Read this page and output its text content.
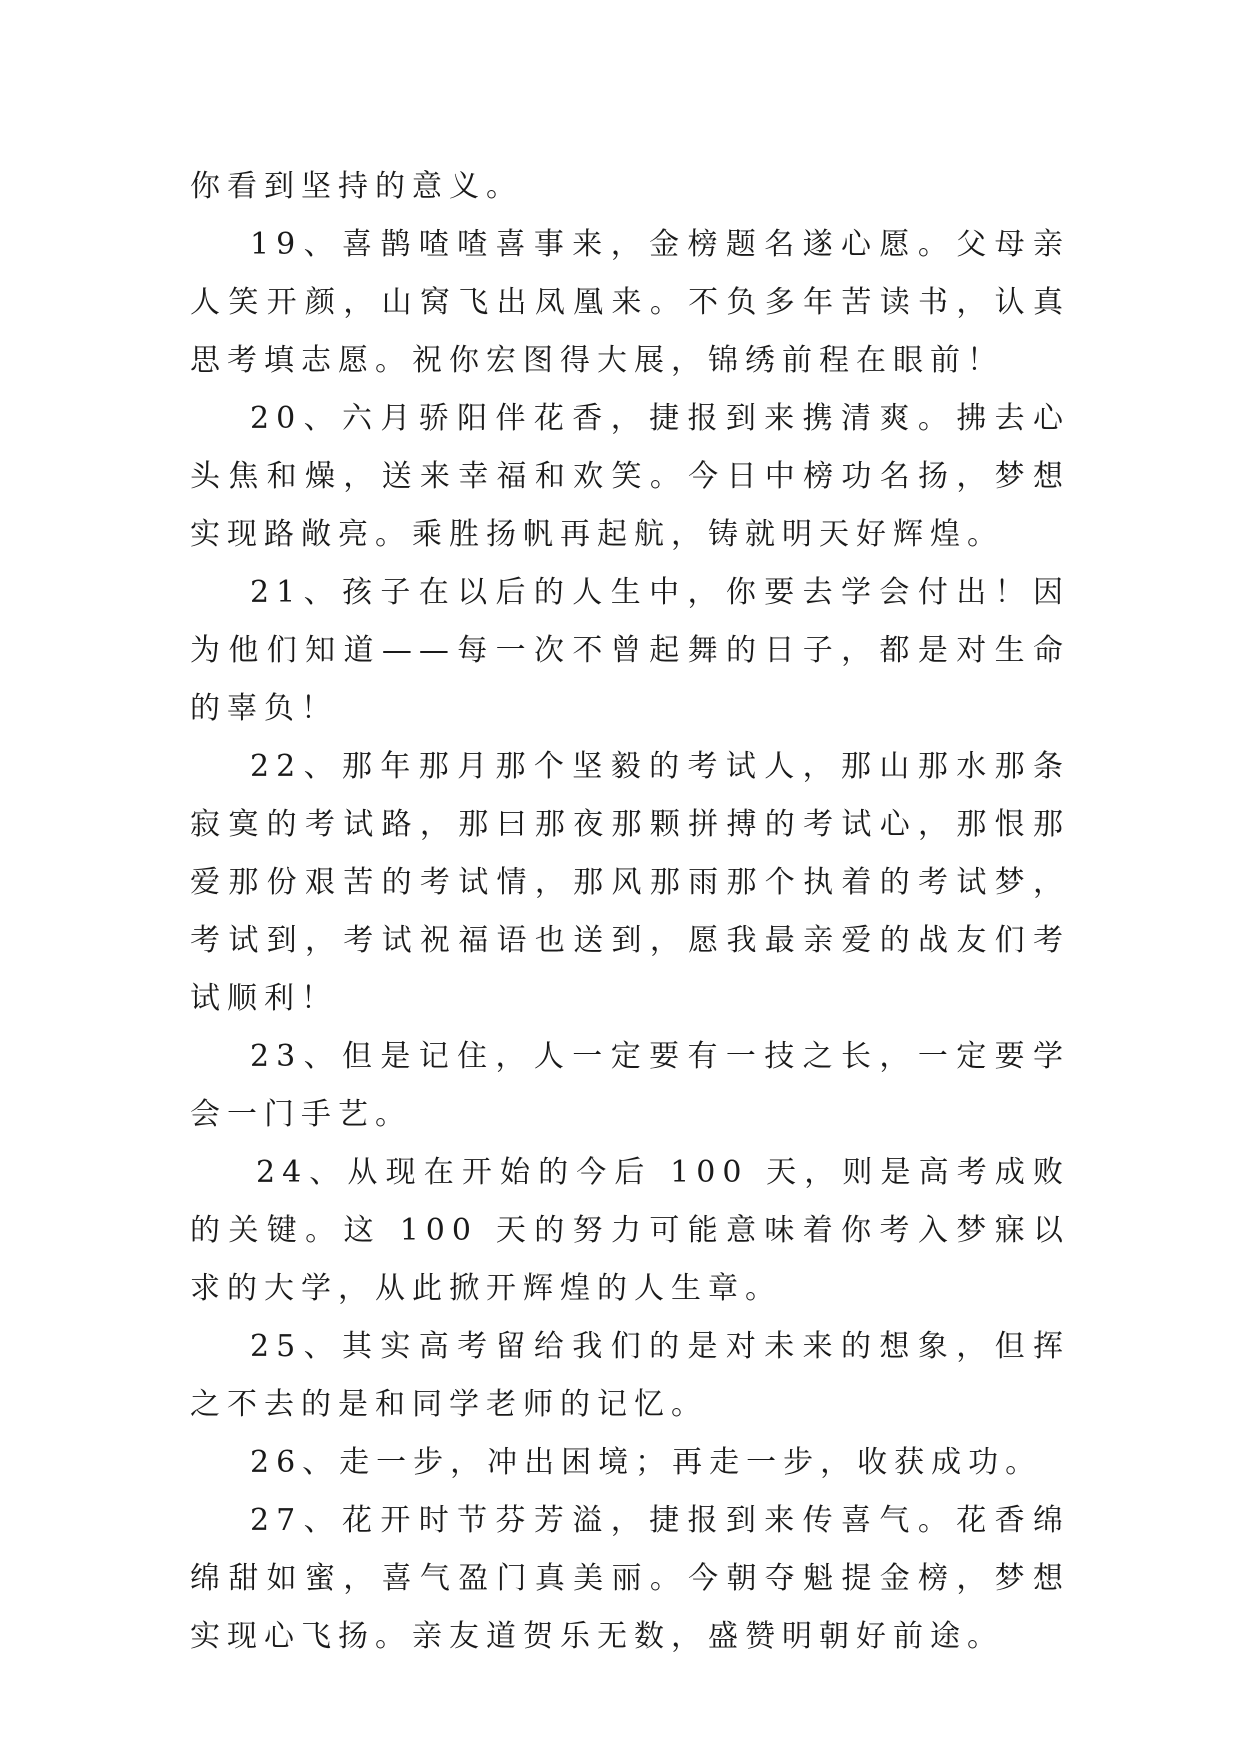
你看到坚持的意义。

19、喜鹊喳喳喜事来，金榜题名遂心愿。父母亲人笑开颜，山窝飞出凤凰来。不负多年苦读书，认真思考填志愿。祝你宏图得大展，锦绣前程在眼前！

20、六月骄阳伴花香，捷报到来携清爽。拂去心头焦和燥，送来幸福和欢笑。今日中榜功名扬，梦想实现路敞亮。乘胜扬帆再起航，铸就明天好辉煌。

21、孩子在以后的人生中，你要去学会付出！因为他们知道——每一次不曾起舞的日子，都是对生命的辜负！

22、那年那月那个坚毅的考试人，那山那水那条寂寞的考试路，那曰那夜那颗拼搏的考试心，那恨那爱那份艰苦的考试情，那风那雨那个执着的考试梦，考试到，考试祝福语也送到，愿我最亲爱的战友们考试顺利！

23、但是记住，人一定要有一技之长，一定要学会一门手艺。

24、从现在开始的今后 100 天，则是高考成败的关键。这 100 天的努力可能意味着你考入梦寐以求的大学，从此掀开辉煌的人生章。

25、其实高考留给我们的是对未来的想象，但挥之不去的是和同学老师的记忆。

26、走一步，冲出困境；再走一步，收获成功。

27、花开时节芬芳溢，捷报到来传喜气。花香绵绵甜如蜜，喜气盈门真美丽。今朝夺魁提金榜，梦想实现心飞扬。亲友道贺乐无数，盛赞明朝好前途。
